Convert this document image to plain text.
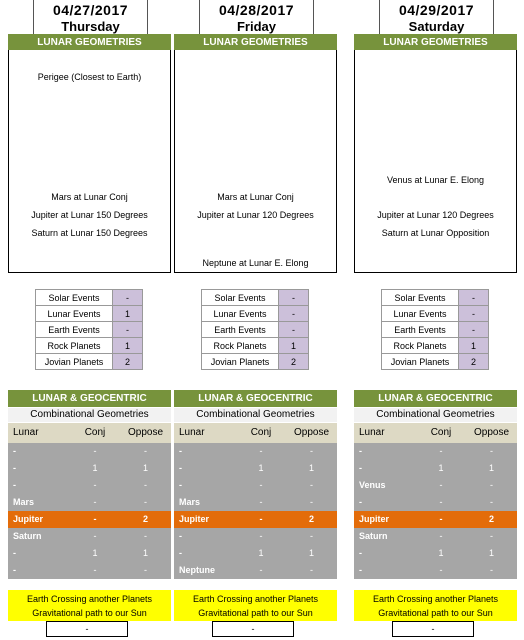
04/27/2017
Thursday
LUNAR GEOMETRIES
Perigee (Closest to Earth)
Mars at Lunar Conj
Jupiter at Lunar 150 Degrees
Saturn at Lunar 150 Degrees
Solar Events	-
Lunar Events	1
Earth Events	-
Rock Planets	1
Jovian Planets	2
LUNAR & GEOCENTRIC
Combinational Geometries
Lunar	Conj	Oppose
-	-	-
-	1	1
-	-	-
Mars	-	-
Jupiter	-	2
Saturn	-	-
-	1	1
-	-	-
Earth Crossing another Planets
Gravitational path to our Sun
-
04/28/2017
Friday
LUNAR GEOMETRIES
Mars at Lunar Conj
Jupiter at Lunar 120 Degrees
Neptune at Lunar E. Elong
Solar Events	-
Lunar Events	-
Earth Events	-
Rock Planets	1
Jovian Planets	2
LUNAR & GEOCENTRIC
Combinational Geometries
Lunar	Conj	Oppose
-	-	-
-	1	1
-	-	-
Mars	-	-
Jupiter	-	2
-	-	-
-	1	1
Neptune	-	-
Earth Crossing another Planets
Gravitational path to our Sun
-
04/29/2017
Saturday
LUNAR GEOMETRIES
Venus at Lunar E. Elong
Jupiter at Lunar 120 Degrees
Saturn at Lunar Opposition
Solar Events	-
Lunar Events	-
Earth Events	-
Rock Planets	1
Jovian Planets	2
LUNAR & GEOCENTRIC
Combinational Geometries
Lunar	Conj	Oppose
-	-	-
-	1	1
Venus	-	-
-	-	-
Jupiter	-	2
Saturn	-	-
-	1	1
-	-	-
Earth Crossing another Planets
Gravitational path to our Sun
-
